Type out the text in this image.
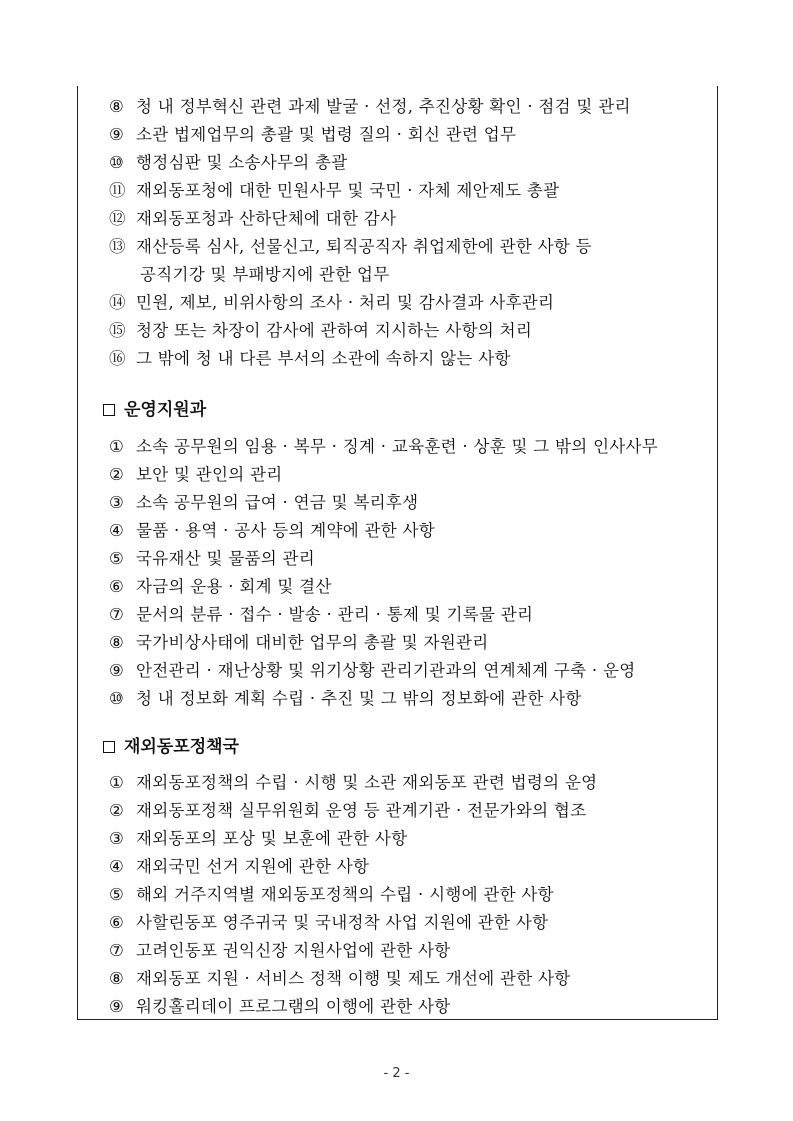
⑧ 청 내 정부혁신 관련 과제 발굴 · 선정, 추진상황 확인 · 점검 및 관리
⑨ 소관 법제업무의 총괄 및 법령 질의 · 회신 관련 업무
⑩ 행정심판 및 소송사무의 총괄
⑪ 재외동포청에 대한 민원사무 및 국민 · 자체 제안제도 총괄
⑫ 재외동포청과 산하단체에 대한 감사
⑬ 재산등록 심사, 선물신고, 퇴직공직자 취업제한에 관한 사항 등
공직기강 및 부패방지에 관한 업무
⑭ 민원, 제보, 비위사항의 조사 · 처리 및 감사결과 사후관리
⑮ 청장 또는 차장이 감사에 관하여 지시하는 사항의 처리
⑯ 그 밖에 청 내 다른 부서의 소관에 속하지 않는 사항
운영지원과
① 소속 공무원의 임용 · 복무 · 징계 · 교육훈련 · 상훈 및 그 밖의 인사사무
② 보안 및 관인의 관리
③ 소속 공무원의 급여 · 연금 및 복리후생
④ 물품 · 용역 · 공사 등의 계약에 관한 사항
⑤ 국유재산 및 물품의 관리
⑥ 자금의 운용 · 회계 및 결산
⑦ 문서의 분류 · 접수 · 발송 · 관리 · 통제 및 기록물 관리
⑧ 국가비상사태에 대비한 업무의 총괄 및 자원관리
⑨ 안전관리 · 재난상황 및 위기상황 관리기관과의 연계체계 구축 · 운영
⑩ 청 내 정보화 계획 수립 · 추진 및 그 밖의 정보화에 관한 사항
재외동포정책국
① 재외동포정책의 수립 · 시행 및 소관 재외동포 관련 법령의 운영
② 재외동포정책 실무위원회 운영 등 관계기관 · 전문가와의 협조
③ 재외동포의 포상 및 보훈에 관한 사항
④ 재외국민 선거 지원에 관한 사항
⑤ 해외 거주지역별 재외동포정책의 수립 · 시행에 관한 사항
⑥ 사할린동포 영주귀국 및 국내정착 사업 지원에 관한 사항
⑦ 고려인동포 권익신장 지원사업에 관한 사항
⑧ 재외동포 지원 · 서비스 정책 이행 및 제도 개선에 관한 사항
⑨ 워킹홀리데이 프로그램의 이행에 관한 사항
- 2 -
